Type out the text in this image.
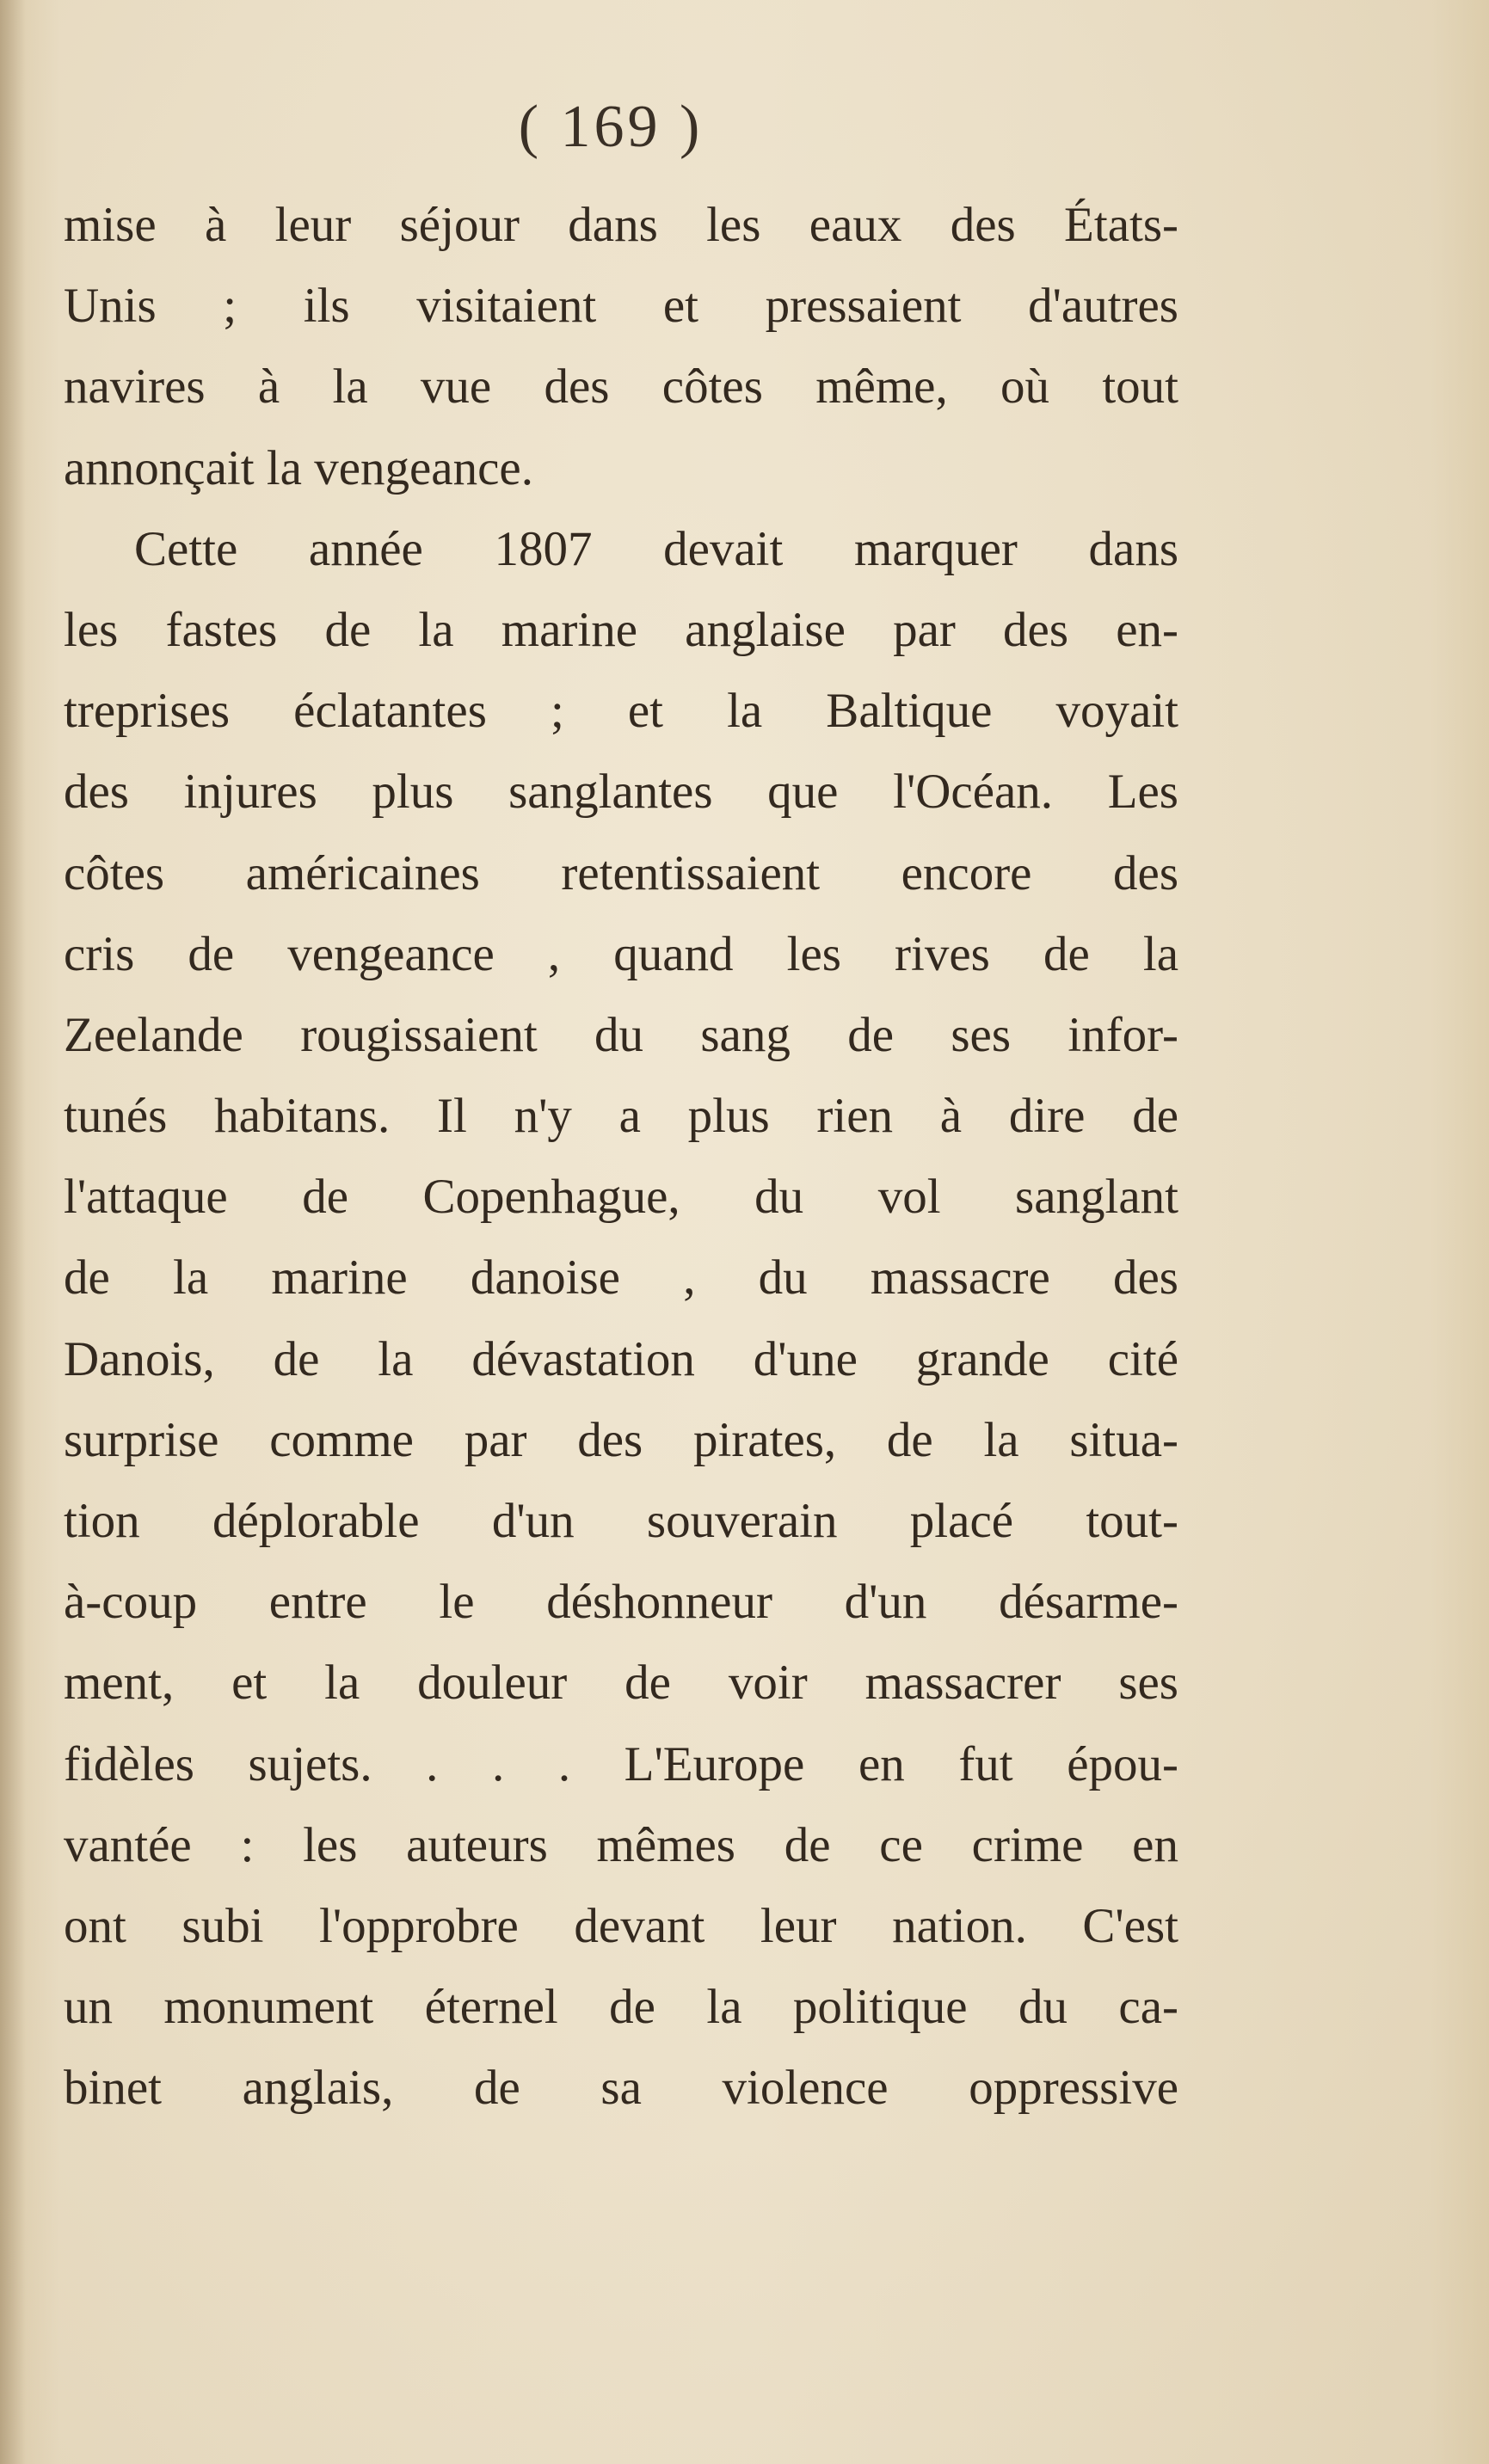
( 169 )
mise à leur séjour dans les eaux des États-
Unis ; ils visitaient et pressaient d'autres
navires à la vue des côtes même, où tout
annonçait la vengeance.
Cette année 1807 devait marquer dans
les fastes de la marine anglaise par des en-
treprises éclatantes ; et la Baltique voyait
des injures plus sanglantes que l'Océan. Les
côtes américaines retentissaient encore des
cris de vengeance , quand les rives de la
Zeelande rougissaient du sang de ses infor-
tunés habitans. Il n'y a plus rien à dire de
l'attaque de Copenhague, du vol sanglant
de la marine danoise , du massacre des
Danois, de la dévastation d'une grande cité
surprise comme par des pirates, de la situa-
tion déplorable d'un souverain placé tout-
à-coup entre le déshonneur d'un désarme-
ment, et la douleur de voir massacrer ses
fidèles sujets. . . . L'Europe en fut épou-
vantée : les auteurs mêmes de ce crime en
ont subi l'opprobre devant leur nation. C'est
un monument éternel de la politique du ca-
binet anglais, de sa violence oppressive
